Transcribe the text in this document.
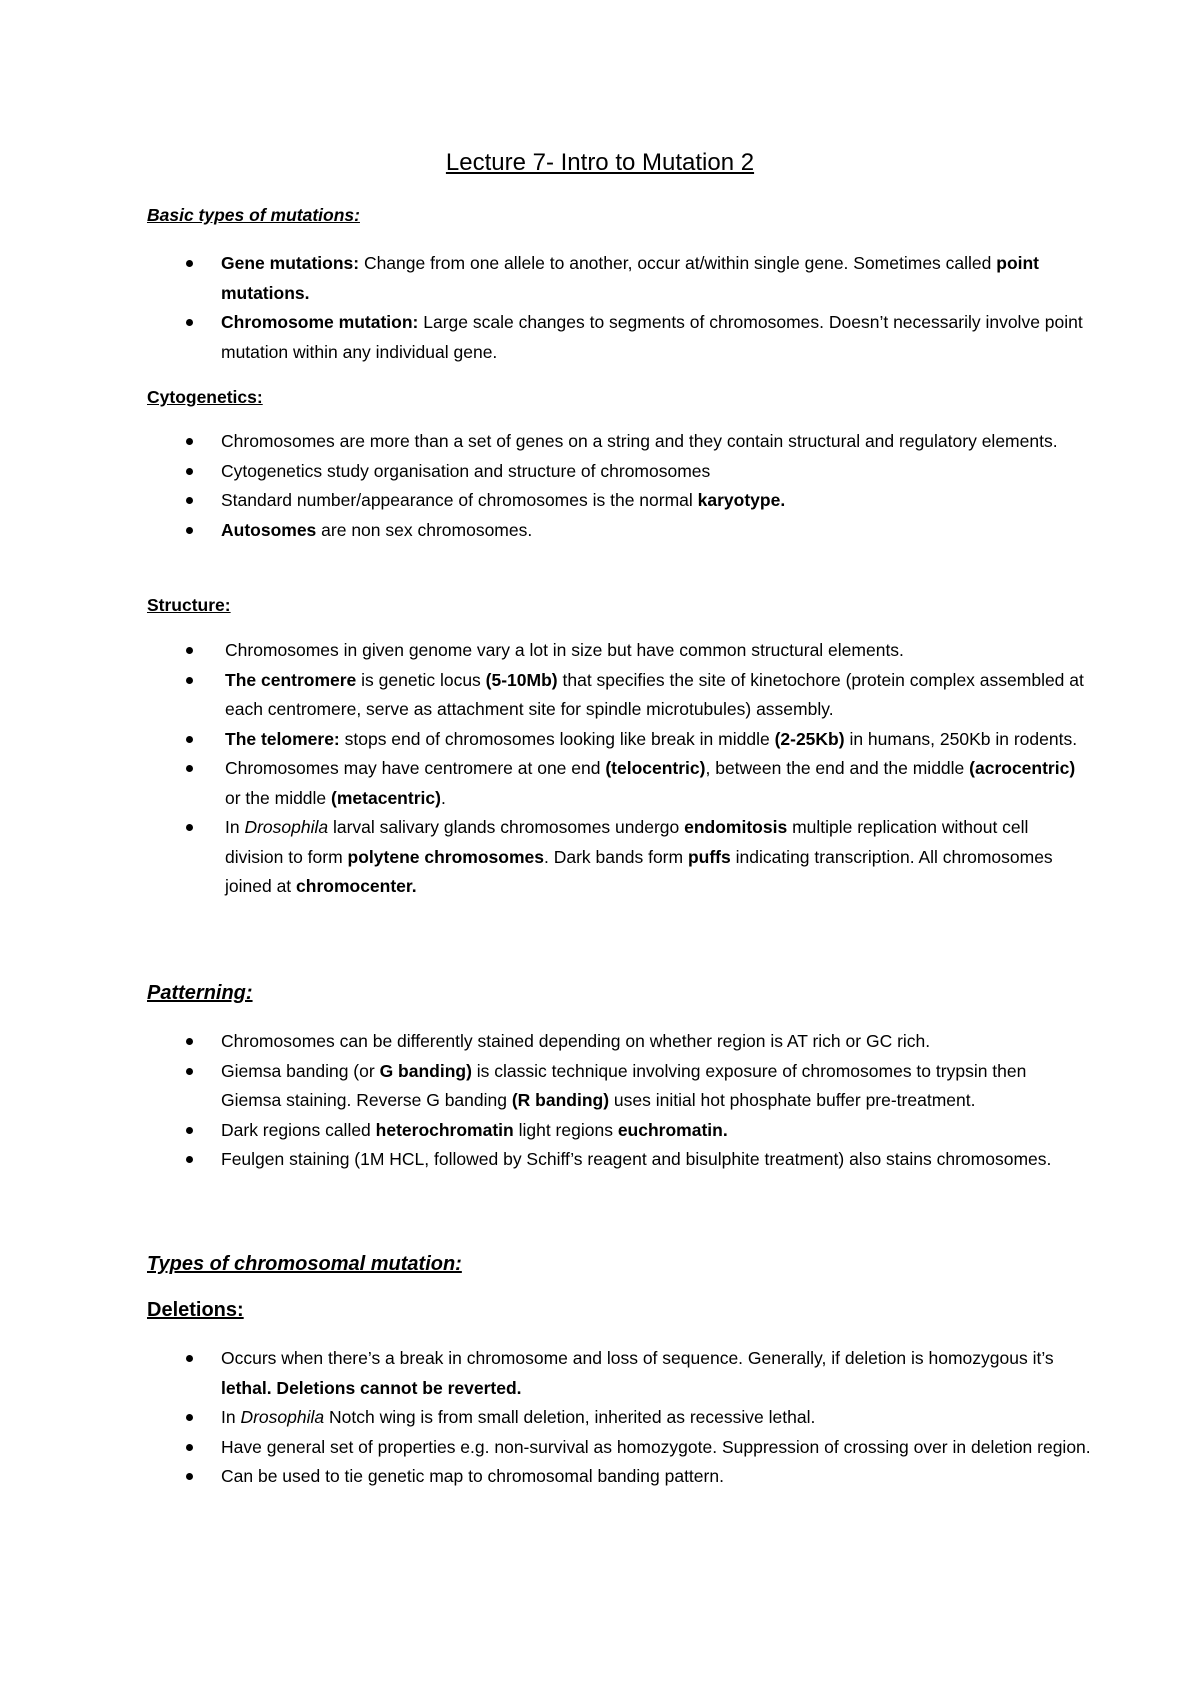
Lecture 7- Intro to Mutation 2
Basic types of mutations:
Gene mutations: Change from one allele to another, occur at/within single gene. Sometimes called point mutations.
Chromosome mutation: Large scale changes to segments of chromosomes. Doesn’t necessarily involve point mutation within any individual gene.
Cytogenetics:
Chromosomes are more than a set of genes on a string and they contain structural and regulatory elements.
Cytogenetics study organisation and structure of chromosomes
Standard number/appearance of chromosomes is the normal karyotype.
Autosomes are non sex chromosomes.
Structure:
Chromosomes in given genome vary a lot in size but have common structural elements.
The centromere is genetic locus (5-10Mb) that specifies the site of kinetochore (protein complex assembled at each centromere, serve as attachment site for spindle microtubules) assembly.
The telomere: stops end of chromosomes looking like break in middle (2-25Kb) in humans, 250Kb in rodents.
Chromosomes may have centromere at one end (telocentric), between the end and the middle (acrocentric) or the middle (metacentric).
In Drosophila larval salivary glands chromosomes undergo endomitosis multiple replication without cell division to form polytene chromosomes. Dark bands form puffs indicating transcription. All chromosomes joined at chromocenter.
Patterning:
Chromosomes can be differently stained depending on whether region is AT rich or GC rich.
Giemsa banding (or G banding) is classic technique involving exposure of chromosomes to trypsin then Giemsa staining. Reverse G banding (R banding) uses initial hot phosphate buffer pre-treatment.
Dark regions called heterochromatin light regions euchromatin.
Feulgen staining (1M HCL, followed by Schiff’s reagent and bisulphite treatment) also stains chromosomes.
Types of chromosomal mutation:
Deletions:
Occurs when there’s a break in chromosome and loss of sequence. Generally, if deletion is homozygous it’s lethal. Deletions cannot be reverted.
In Drosophila Notch wing is from small deletion, inherited as recessive lethal.
Have general set of properties e.g. non-survival as homozygote. Suppression of crossing over in deletion region.
Can be used to tie genetic map to chromosomal banding pattern.
